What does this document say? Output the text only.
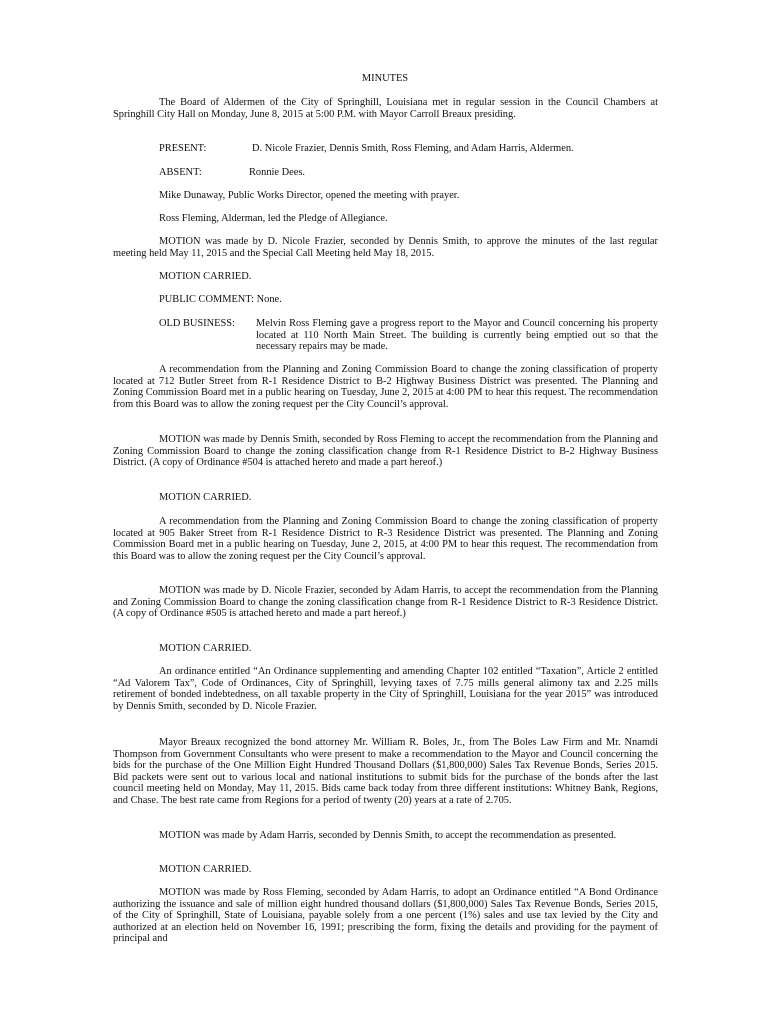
MINUTES

The Board of Aldermen of the City of Springhill, Louisiana met in regular session in the Council Chambers at Springhill City Hall on Monday, June 8, 2015 at 5:00 P.M. with Mayor Carroll Breaux presiding.

PRESENT:	D. Nicole Frazier, Dennis Smith, Ross Fleming, and Adam Harris, Aldermen.
ABSENT:	Ronnie Dees.
Mike Dunaway, Public Works Director, opened the meeting with prayer.
Ross Fleming, Alderman, led the Pledge of Allegiance.

MOTION was made by D. Nicole Frazier, seconded by Dennis Smith, to approve the minutes of the last regular meeting held May 11, 2015 and the Special Call Meeting held May 18, 2015.

MOTION CARRIED.
PUBLIC COMMENT: None.
OLD BUSINESS: Melvin Ross Fleming gave a progress report to the Mayor and Council concerning his property located at 110 North Main Street. The building is currently being emptied out so that the necessary repairs may be made.

A recommendation from the Planning and Zoning Commission Board to change the zoning classification of property located at 712 Butler Street from R-1 Residence District to B-2 Highway Business District was presented. The Planning and Zoning Commission Board met in a public hearing on Tuesday, June 2, 2015 at 4:00 PM to hear this request. The recommendation from this Board was to allow the zoning request per the City Council’s approval.

MOTION was made by Dennis Smith, seconded by Ross Fleming to accept the recommendation from the Planning and Zoning Commission Board to change the zoning classification change from R-1 Residence District to B-2 Highway Business District. (A copy of Ordinance #504 is attached hereto and made a part hereof.)

MOTION CARRIED.

A recommendation from the Planning and Zoning Commission Board to change the zoning classification of property located at 905 Baker Street from R-1 Residence District to R-3 Residence District was presented. The Planning and Zoning Commission Board met in a public hearing on Tuesday, June 2, 2015, at 4:00 PM to hear this request. The recommendation from this Board was to allow the zoning request per the City Council’s approval.

MOTION was made by D. Nicole Frazier, seconded by Adam Harris, to accept the recommendation from the Planning and Zoning Commission Board to change the zoning classification change from R-1 Residence District to R-3 Residence District. (A copy of Ordinance #505 is attached hereto and made a part hereof.)

MOTION CARRIED.

An ordinance entitled “An Ordinance supplementing and amending Chapter 102 entitled “Taxation”, Article 2 entitled “Ad Valorem Tax”, Code of Ordinances, City of Springhill, levying taxes of 7.75 mills general alimony tax and 2.25 mills retirement of bonded indebtedness, on all taxable property in the City of Springhill, Louisiana for the year 2015” was introduced by Dennis Smith, seconded by D. Nicole Frazier.

Mayor Breaux recognized the bond attorney Mr. William R. Boles, Jr., from The Boles Law Firm and Mr. Nnamdi Thompson from Government Consultants who were present to make a recommendation to the Mayor and Council concerning the bids for the purchase of the One Million Eight Hundred Thousand Dollars ($1,800,000) Sales Tax Revenue Bonds, Series 2015. Bid packets were sent out to various local and national institutions to submit bids for the purchase of the bonds after the last council meeting held on Monday, May 11, 2015. Bids came back today from three different institutions: Whitney Bank, Regions, and Chase. The best rate came from Regions for a period of twenty (20) years at a rate of 2.705.

MOTION was made by Adam Harris, seconded by Dennis Smith, to accept the recommendation as presented.

MOTION CARRIED.

MOTION was made by Ross Fleming, seconded by Adam Harris, to adopt an Ordinance entitled “A Bond Ordinance authorizing the issuance and sale of million eight hundred thousand dollars ($1,800,000) Sales Tax Revenue Bonds, Series 2015, of the City of Springhill, State of Louisiana, payable solely from a one percent (1%) sales and use tax levied by the City and authorized at an election held on November 16, 1991; prescribing the form, fixing the details and providing for the payment of principal and
